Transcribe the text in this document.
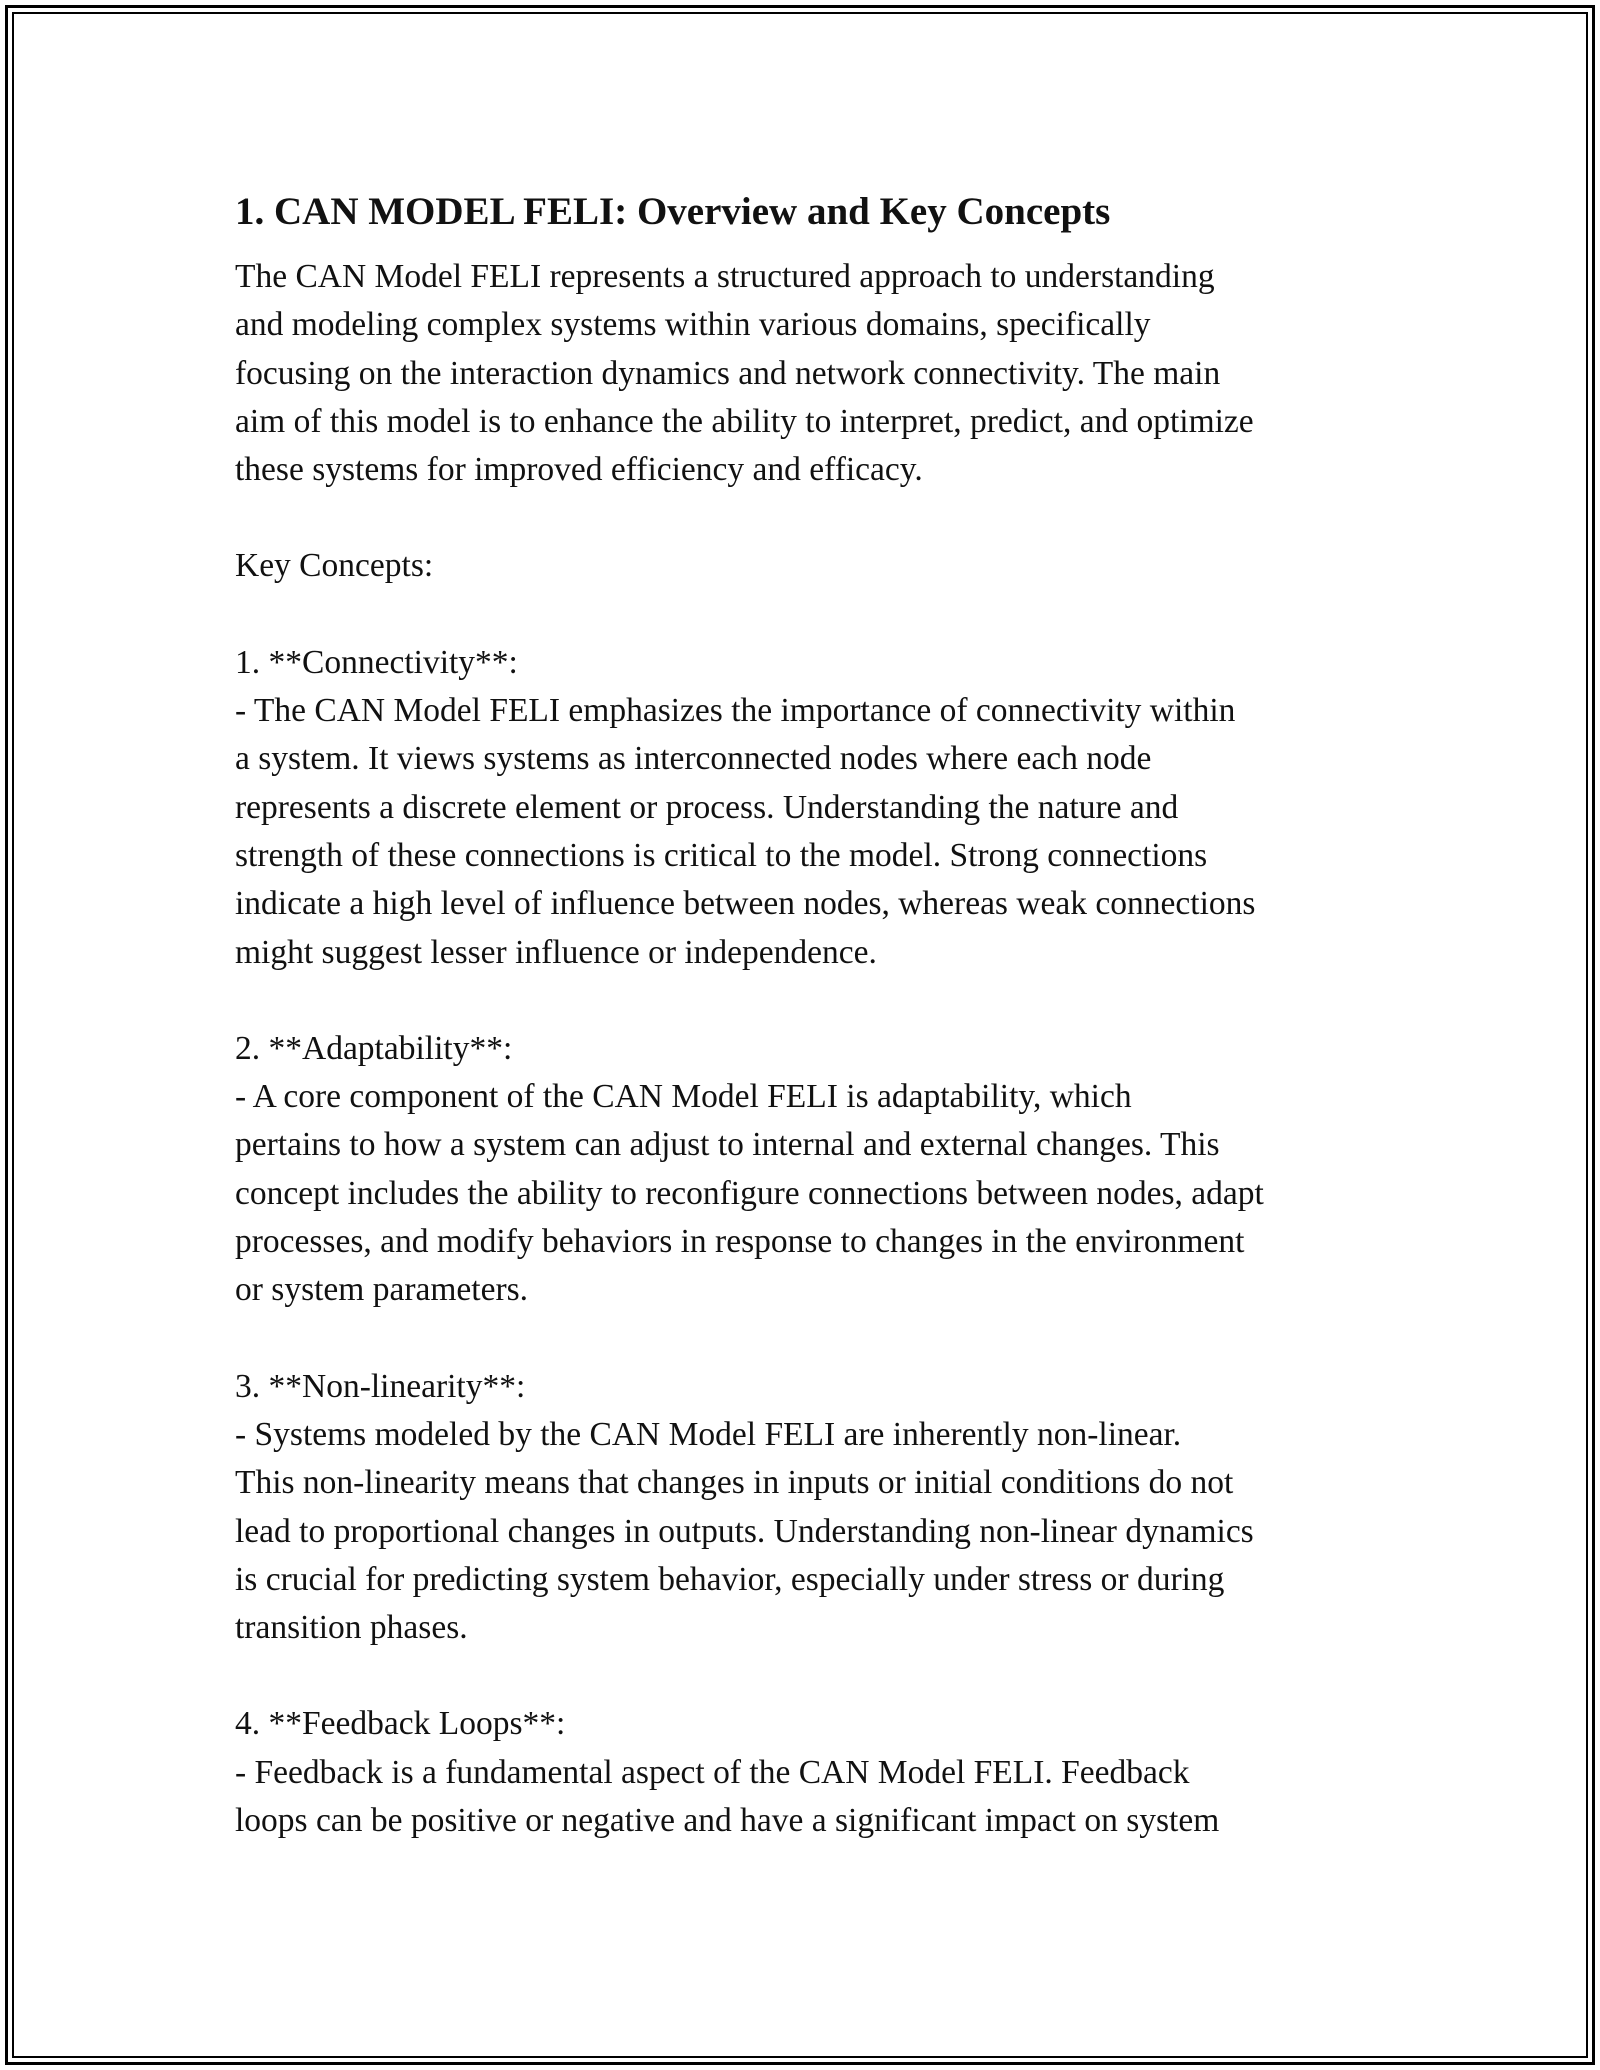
1. CAN MODEL FELI: Overview and Key Concepts

The CAN Model FELI represents a structured approach to understanding
and modeling complex systems within various domains, specifically
focusing on the interaction dynamics and network connectivity. The main
aim of this model is to enhance the ability to interpret, predict, and optimize
these systems for improved efficiency and efficacy.

Key Concepts:

1. **Connectivity**:

- The CAN Model FELI emphasizes the importance of connectivity within
a system. It views systems as interconnected nodes where each node
represents a discrete element or process. Understanding the nature and
strength of these connections is critical to the model. Strong connections
indicate a high level of influence between nodes, whereas weak connections
might suggest lesser influence or independence.

2. **Adaptability**:

- A core component of the CAN Model FELI is adaptability, which
pertains to how a system can adjust to internal and external changes. This
concept includes the ability to reconfigure connections between nodes, adapt
processes, and modify behaviors in response to changes in the environment
or system parameters.

3. **Non-linearity**:

- Systems modeled by the CAN Model FELI are inherently non-linear.
This non-linearity means that changes in inputs or initial conditions do not
lead to proportional changes in outputs. Understanding non-linear dynamics
is crucial for predicting system behavior, especially under stress or during
transition phases.

4. **Feedback Loops**:

- Feedback is a fundamental aspect of the CAN Model FELI. Feedback
loops can be positive or negative and have a significant impact on system
